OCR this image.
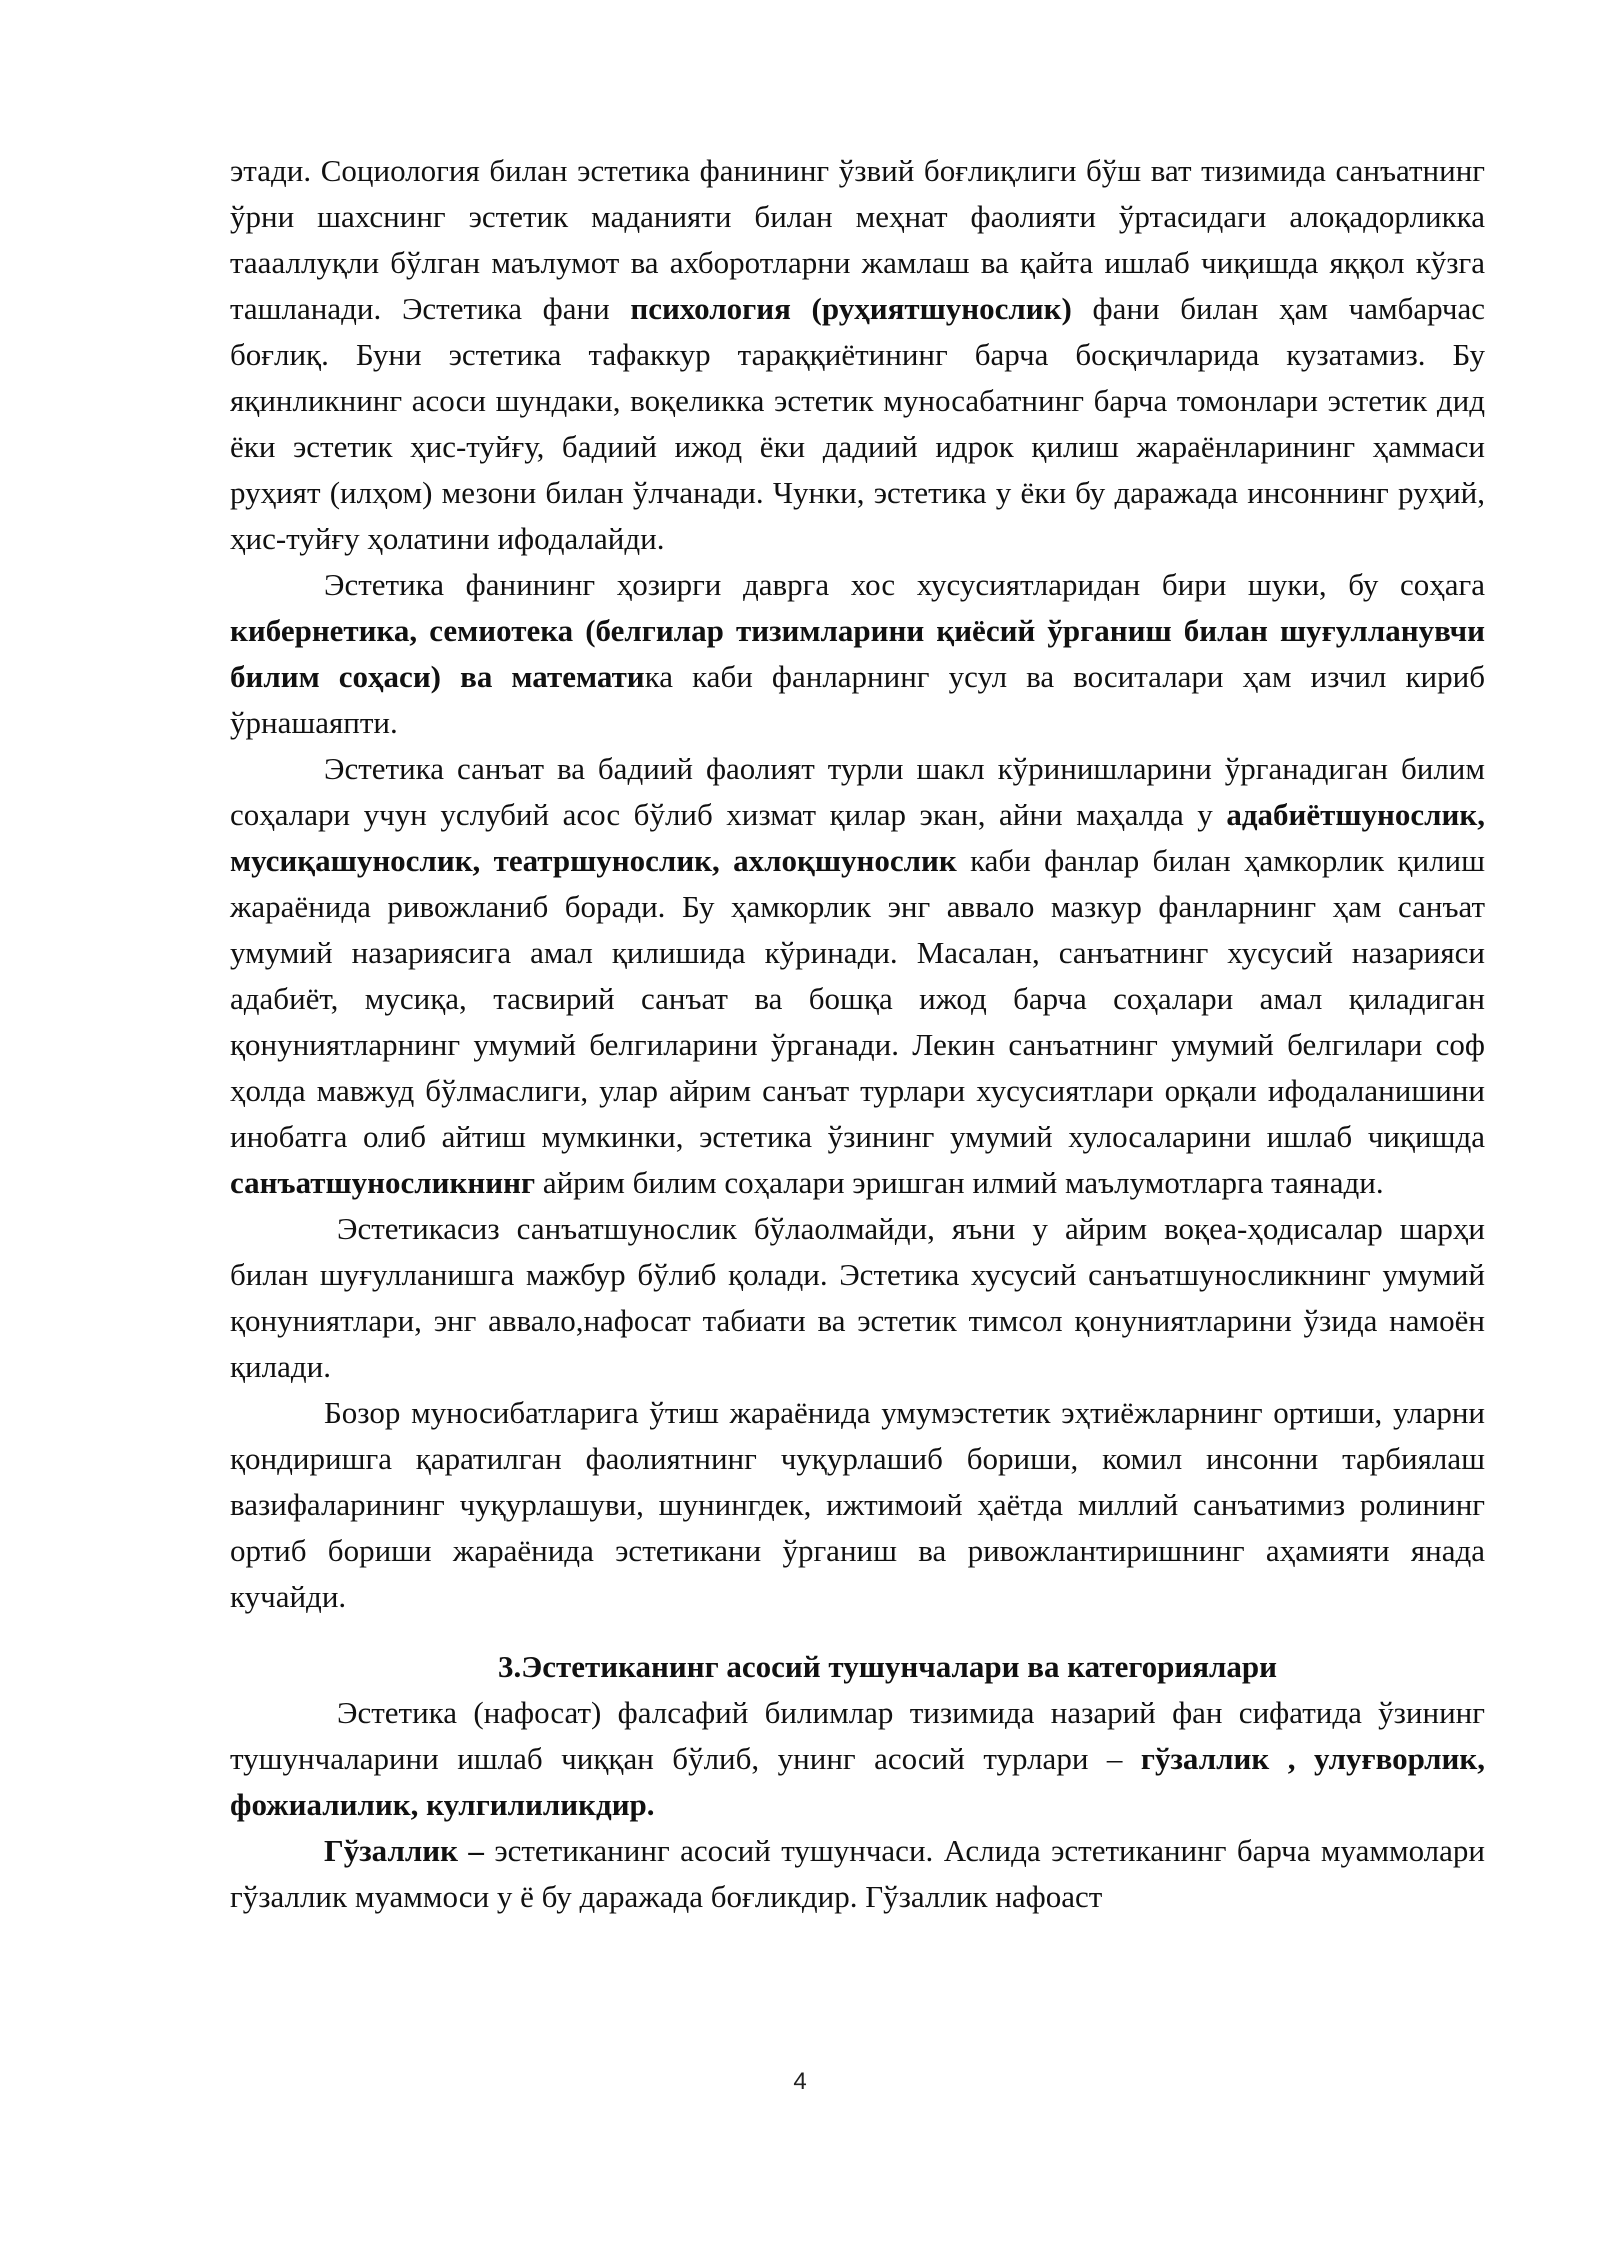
этади. Социология билан эстетика фанининг ўзвий боғлиқлиги бўш ват тизимида санъатнинг ўрни шахснинг эстетик маданияти билан меҳнат фаолияти ўртасидаги алоқадорликка таааллуқли бўлган маълумот ва ахборотларни жамлаш ва қайта ишлаб чиқишда яққол кўзга ташланади. Эстетика фани психология (руҳиятшунослик) фани билан ҳам чамбарчас боғлиқ. Буни эстетика тафаккур тараққиётининг барча босқичларида кузатамиз. Бу яқинликнинг асоси шундаки, воқеликка эстетик муносабатнинг барча томонлари эстетик дид ёки эстетик ҳис-туйғу, бадиий ижод ёки дадиий идрок қилиш жараёнларининг ҳаммаси руҳият (илҳом) мезони билан ўлчанади. Чунки, эстетика у ёки бу даражада инсоннинг руҳий, ҳис-туйғу ҳолатини ифодалайди.

Эстетика фанининг ҳозирги даврга хос хусусиятларидан бири шуки, бу соҳага кибернетика, семиотека (белгилар тизимларини қиёсий ўрганиш билан шуғулланувчи билим соҳаси) ва математика каби фанларнинг усул ва воситалари ҳам изчил кириб ўрнашаяпти.

Эстетика санъат ва бадиий фаолият турли шакл кўринишларини ўрганадиган билим соҳалари учун услубий асос бўлиб хизмат қилар экан, айни маҳалда у адабиётшунослик, мусиқашунослик, театршунослик, ахлоқшунослик каби фанлар билан ҳамкорлик қилиш жараёнида ривожланиб боради. Бу ҳамкорлик энг аввало мазкур фанларнинг ҳам санъат умумий назариясига амал қилишида кўринади. Масалан, санъатнинг хусусий назарияси адабиёт, мусиқа, тасвирий санъат ва бошқа ижод барча соҳалари амал қиладиган қонуниятларнинг умумий белгиларини ўрганади. Лекин санъатнинг умумий белгилари соф ҳолда мавжуд бўлмаслиги, улар айрим санъат турлари хусусиятлари орқали ифодаланишини инобатга олиб айтиш мумкинки, эстетика ўзининг умумий хулосаларини ишлаб чиқишда санъатшуносликнинг айрим билим соҳалари эришган илмий маълумотларга таянади.

Эстетикасиз санъатшунослик бўлаолмайди, яъни у айрим воқеа-ҳодисалар шарҳи билан шуғулланишга мажбур бўлиб қолади. Эстетика хусусий санъатшуносликнинг умумий қонуниятлари, энг аввало,нафосат табиати ва эстетик тимсол қонуниятларини ўзида намоён қилади.

Бозор муносибатларига ўтиш жараёнида умумэстетик эҳтиёжларнинг ортиши, уларни қондиришга қаратилган фаолиятнинг чуқурлашиб бориши, комил инсонни тарбиялаш вазифаларининг чуқурлашуви, шунингдек, ижтимоий ҳаётда миллий санъатимиз ролининг ортиб бориши жараёнида эстетикани ўрганиш ва ривожлантиришнинг аҳамияти янада кучайди.

3.Эстетиканинг асосий тушунчалари ва категориялари

Эстетика (нафосат) фалсафий билимлар тизимида назарий фан сифатида ўзининг тушунчаларини ишлаб чиққан бўлиб, унинг асосий турлари – гўзаллик , улуғворлик, фожиалилик, кулгилиликдир.

Гўзаллик – эстетиканинг асосий тушунчаси. Аслида эстетиканинг барча муаммолари гўзаллик муаммоси у ё бу даражада боғликдир. Гўзаллик нафоаст

4
